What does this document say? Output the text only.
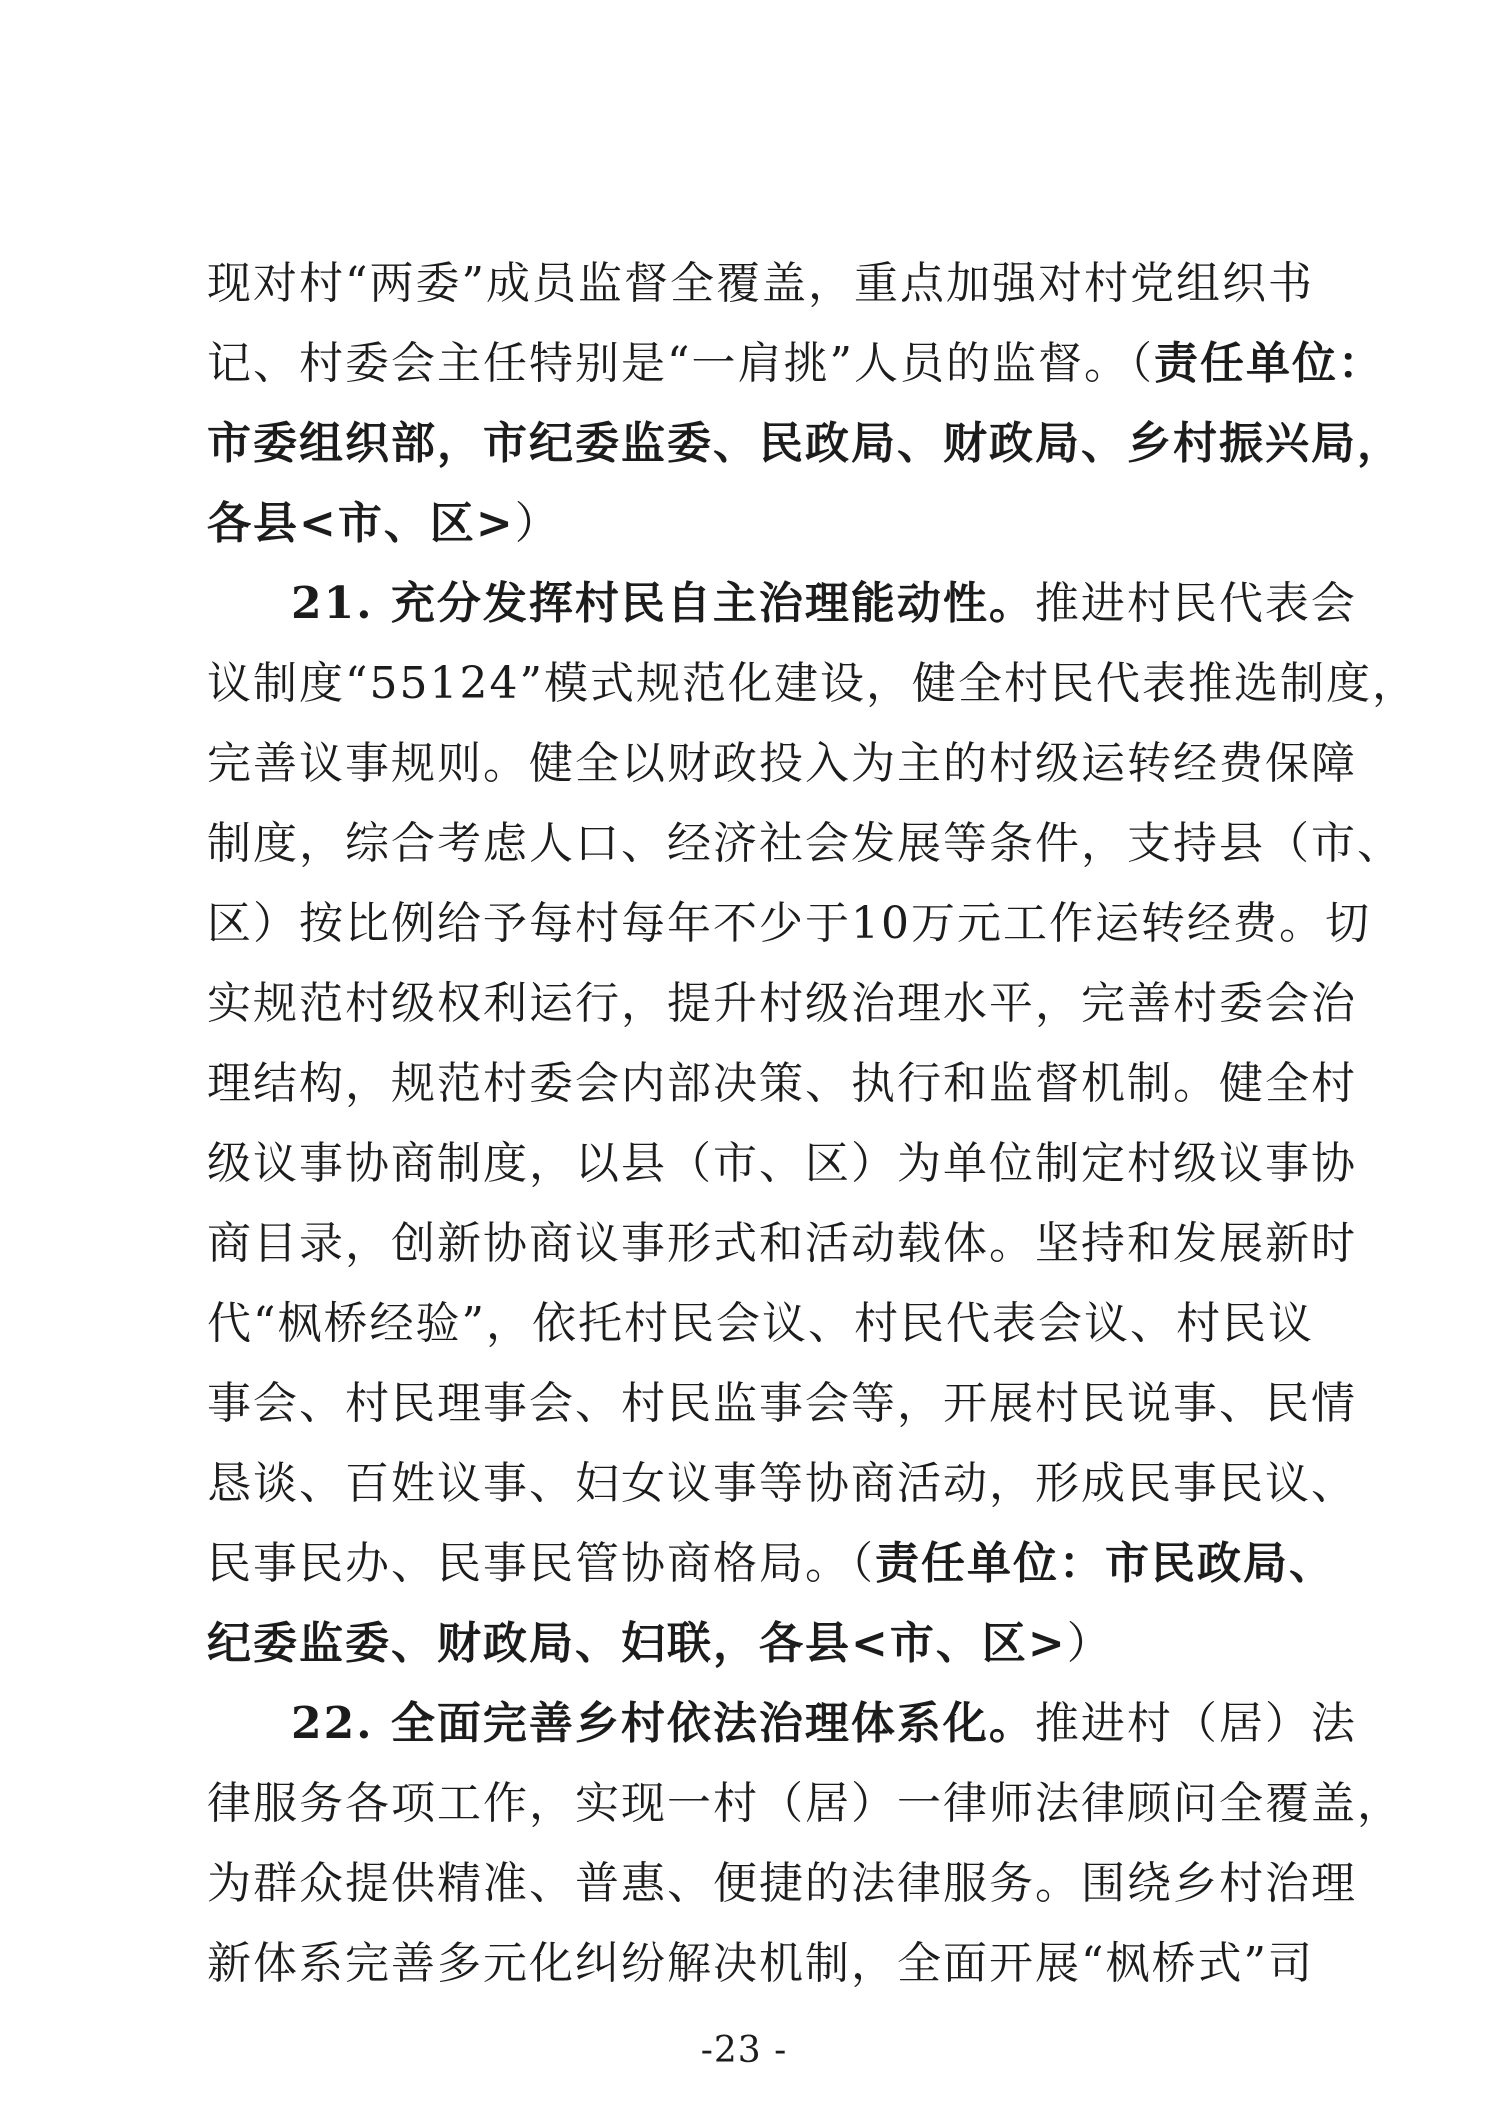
现对村“两委”成员监督全覆盖，重点加强对村党组织书
记、村委会主任特别是“一肩挑”人员的监督。（责任单位：
市委组织部，市纪委监委、民政局、财政局、乡村振兴局，
各县<市、区>）
21. 充分发挥村民自主治理能动性。推进村民代表会
议制度“55124”模式规范化建设，健全村民代表推选制度，
完善议事规则。健全以财政投入为主的村级运转经费保障
制度，综合考虑人口、经济社会发展等条件，支持县（市、
区）按比例给予每村每年不少于10万元工作运转经费。切
实规范村级权利运行，提升村级治理水平，完善村委会治
理结构，规范村委会内部决策、执行和监督机制。健全村
级议事协商制度，以县（市、区）为单位制定村级议事协
商目录，创新协商议事形式和活动载体。坚持和发展新时
代“枫桥经验”，依托村民会议、村民代表会议、村民议
事会、村民理事会、村民监事会等，开展村民说事、民情
恳谈、百姓议事、妇女议事等协商活动，形成民事民议、
民事民办、民事民管协商格局。（责任单位：市民政局、
纪委监委、财政局、妇联，各县<市、区>）
22. 全面完善乡村依法治理体系化。推进村（居）法
律服务各项工作，实现一村（居）一律师法律顾问全覆盖，
为群众提供精准、普惠、便捷的法律服务。围绕乡村治理
新体系完善多元化纠纷解决机制，全面开展“枫桥式”司
-23 -
